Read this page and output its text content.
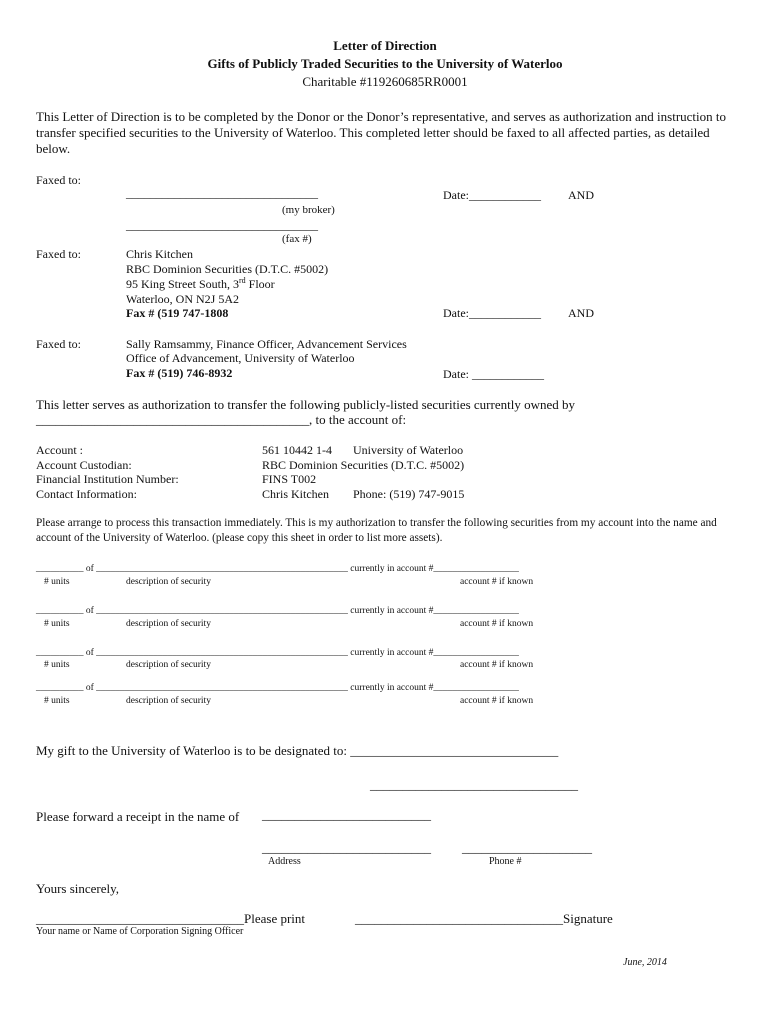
Letter of Direction
Gifts of Publicly Traded Securities to the University of Waterloo
Charitable #119260685RR0001
This Letter of Direction is to be completed by the Donor or the Donor’s representative, and serves as authorization and instruction to transfer specified securities to the University of Waterloo. This completed letter should be faxed to all affected parties, as detailed below.
Faxed to:
________________________________	Date:____________ AND
(my broker)
________________________________
(fax #)
Faxed to:	Chris Kitchen
RBC Dominion Securities (D.T.C. #5002)
95 King Street South, 3rd Floor
Waterloo, ON N2J 5A2
Fax # (519 747-1808	Date:____________ AND
Faxed to:	Sally Ramsammy, Finance Officer, Advancement Services
Office of Advancement, University of Waterloo
Fax # (519) 746-8932	Date: ____________
This letter serves as authorization to transfer the following publicly-listed securities currently owned by
__________________________________________, to the account of:
Account :	561 10442 1-4 University of Waterloo
Account Custodian:	RBC Dominion Securities (D.T.C. #5002)
Financial Institution Number:	FINS T002
Contact Information:	Chris Kitchen Phone: (519) 747-9015
Please arrange to process this transaction immediately. This is my authorization to transfer the following securities from my account into the name and account of the University of Waterloo. (please copy this sheet in order to list more assets).
__________ of _____________________________________________________ currently in account #__________________
# units	description of security	account # if known
__________ of _____________________________________________________ currently in account #__________________
# units	description of security	account # if known
__________ of _____________________________________________________ currently in account #__________________
# units	description of security	account # if known
__________ of _____________________________________________________ currently in account #__________________
# units	description of security	account # if known
My gift to the University of Waterloo is to be designated to: ________________________________
________________________________
Please forward a receipt in the name of __________________________
__________________________ ____________________
Address	Phone #
Yours sincerely,
________________________________Please print	________________________________Signature
Your name or Name of Corporation Signing Officer
June, 2014
